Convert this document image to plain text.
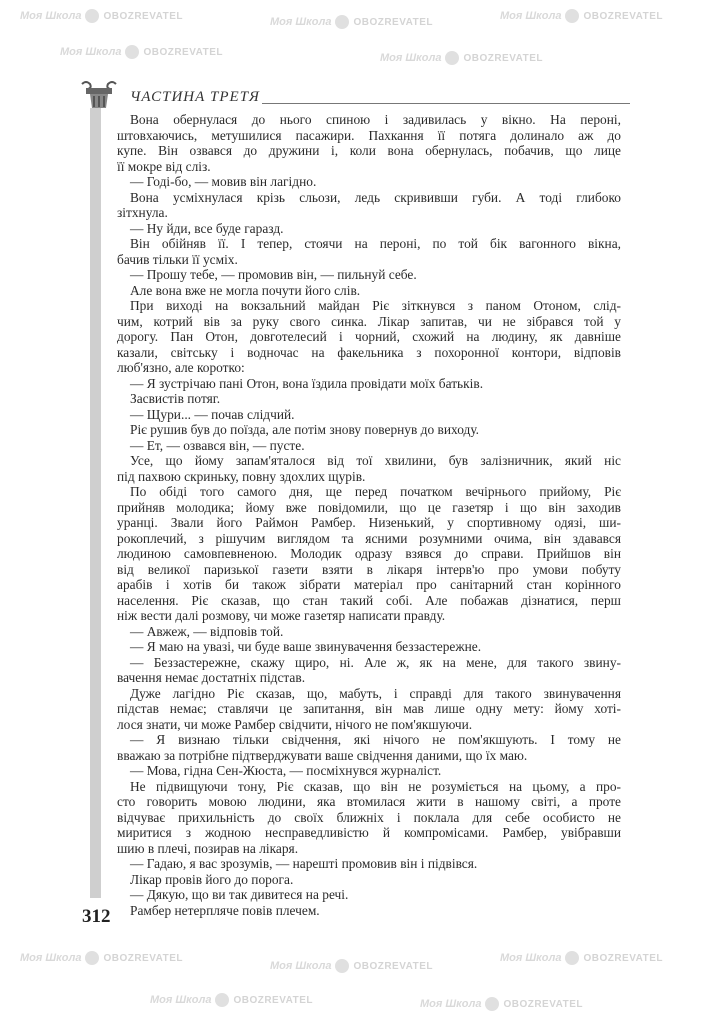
ЧАСТИНА ТРЕТЯ
Вона обернулася до нього спиною і задивилась у вікно. На пероні,
штовхаючись, метушилися пасажири. Пахкання її потяга долинало аж до
купе. Він озвався до дружини і, коли вона обернулась, побачив, що лице
її мокре від сліз.
— Годі-бо, — мовив він лагідно.
Вона усміхнулася крізь сльози, ледь скрививши губи. А тоді глибоко
зітхнула.
— Ну йди, все буде гаразд.
Він обійняв її. І тепер, стоячи на пероні, по той бік вагонного вікна,
бачив тільки її усміх.
— Прошу тебе, — промовив він, — пильнуй себе.
Але вона вже не могла почути його слів.
При виході на вокзальний майдан Ріє зіткнувся з паном Отоном, слід-
чим, котрий вів за руку свого синка. Лікар запитав, чи не зібрався той у
дорогу. Пан Отон, довготелесий і чорний, схожий на людину, як давніше
казали, світську і водночас на факельника з похоронної контори, відповів
люб'язно, але коротко:
— Я зустрічаю пані Отон, вона їздила провідати моїх батьків.
Засвистів потяг.
— Щури... — почав слідчий.
Ріє рушив був до поїзда, але потім знову повернув до виходу.
— Ет, — озвався він, — пусте.
Усе, що йому запам'яталося від тої хвилини, був залізничник, який ніс
під пахвою скриньку, повну здохлих щурів.
По обіді того самого дня, ще перед початком вечірнього прийому, Ріє
прийняв молодика; йому вже повідомили, що це газетяр і що він заходив
уранці. Звали його Раймон Рамбер. Низенький, у спортивному одязі, ши-
рокоплечий, з рішучим виглядом та ясними розумними очима, він здавався
людиною самовпевненою. Молодик одразу взявся до справи. Прийшов він
від великої паризької газети взяти в лікаря інтерв'ю про умови побуту
арабів і хотів би також зібрати матеріал про санітарний стан корінного
населення. Ріє сказав, що стан такий собі. Але побажав дізнатися, перш
ніж вести далі розмову, чи може газетяр написати правду.
— Авжеж, — відповів той.
— Я маю на увазі, чи буде ваше звинувачення беззастережне.
— Беззастережне, скажу щиро, ні. Але ж, як на мене, для такого звину-
вачення немає достатніх підстав.
Дуже лагідно Ріє сказав, що, мабуть, і справді для такого звинувачення
підстав немає; ставлячи це запитання, він мав лише одну мету: йому хоті-
лося знати, чи може Рамбер свідчити, нічого не пом'якшуючи.
— Я визнаю тільки свідчення, які нічого не пом'якшують. І тому не
вважаю за потрібне підтверджувати ваше свідчення даними, що їх маю.
— Мова, гідна Сен-Жюста, — посміхнувся журналіст.
Не підвищуючи тону, Ріє сказав, що він не розуміється на цьому, а про-
сто говорить мовою людини, яка втомилася жити в нашому світі, а проте
відчуває прихильність до своїх ближніх і поклала для себе особисто не
миритися з жодною несправедливістю й компромісами. Рамбер, увібравши
шию в плечі, позирав на лікаря.
— Гадаю, я вас зрозумів, — нарешті промовив він і підвівся.
Лікар провів його до порога.
— Дякую, що ви так дивитеся на речі.
Рамбер нетерпляче повів плечем.
312
Моя Школа OBOZREVATEL	Моя Школа OBOZREVATEL
Моя Школа OBOZREVATEL
Моя Школа OBOZREVATEL	Моя Школа OBOZREVATEL
Моя Школа OBOZREVATEL
Моя Школа OBOZREVATEL
Моя Школа OBOZREVATEL
Моя Школа OBOZREVATEL	Моя Школа OBOZREVATEL
